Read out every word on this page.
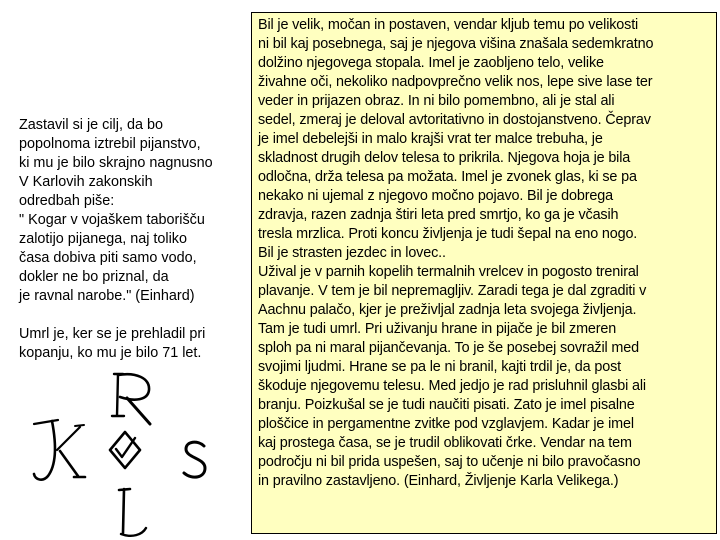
Zastavil si je cilj, da bo
popolnoma iztrebil pijanstvo,
ki mu je bilo skrajno nagnusno
V Karlovih zakonskih
odredbah piše:
" Kogar v vojaškem taborišču
zalotijo pijanega, naj toliko
časa dobiva piti samo vodo,
dokler ne bo priznal, da
je ravnal narobe." (Einhard)

Umrl je, ker se je prehladil pri
kopanju, ko mu je bilo 71 let.

Bil je velik, močan in postaven, vendar kljub temu po velikosti
ni bil kaj posebnega, saj je njegova višina znašala sedemkratno
dolžino njegovega stopala. Imel je zaobljeno telo, velike
živahne oči, nekoliko nadpovprečno velik nos, lepe sive lase ter
veder in prijazen obraz. In ni bilo pomembno, ali je stal ali
sedel, zmeraj je deloval avtoritativno in dostojanstveno. Čeprav
je imel debelejši in malo krajši vrat ter malce trebuha, je
skladnost drugih delov telesa to prikrila. Njegova hoja je bila
odločna, drža telesa pa možata. Imel je zvonek glas, ki se pa
nekako ni ujemal z njegovo močno pojavo. Bil je dobrega
zdravja, razen zadnja štiri leta pred smrtjo, ko ga je včasih
tresla mrzlica. Proti koncu življenja je tudi šepal na eno nogo.
Bil je strasten jezdec in lovec..
Užival je v parnih kopelih termalnih vrelcev in pogosto treniral
plavanje. V tem je bil nepremagljiv. Zaradi tega je dal zgraditi v
Aachnu palačo, kjer je preživljal zadnja leta svojega življenja.
Tam je tudi umrl. Pri uživanju hrane in pijače je bil zmeren
sploh pa ni maral pijančevanja. To je še posebej sovražil med
svojimi ljudmi. Hrane se pa le ni branil, kajti trdil je, da post
škoduje njegovemu telesu. Med jedjo je rad prisluhnil glasbi ali
branju. Poizkušal se je tudi naučiti pisati. Zato je imel pisalne
ploščice in pergamentne zvitke pod vzglavjem. Kadar je imel
kaj prostega časa, se je trudil oblikovati črke. Vendar na tem
področju ni bil prida uspešen, saj to učenje ni bilo pravočasno
in pravilno zastavljeno. (Einhard, Življenje Karla Velikega.)
